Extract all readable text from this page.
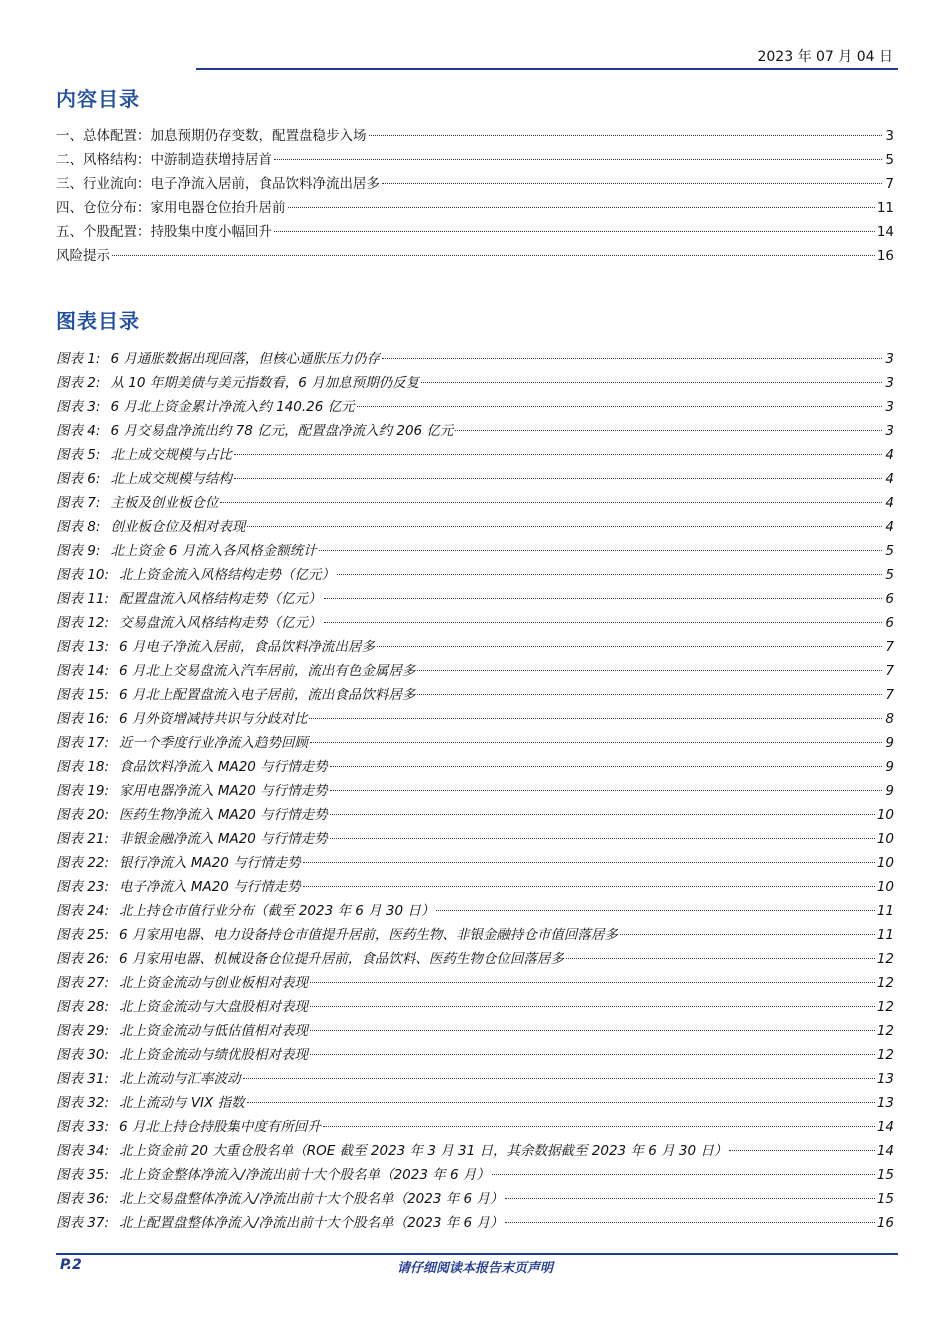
2023 年 07 月 04 日
内容目录
一、总体配置：加息预期仍存变数，配置盘稳步入场	3
二、风格结构：中游制造获增持居首	5
三、行业流向：电子净流入居前，食品饮料净流出居多	7
四、仓位分布：家用电器仓位抬升居前	11
五、个股配置：持股集中度小幅回升	14
风险提示	16
图表目录
图表 1: 6 月通胀数据出现回落，但核心通胀压力仍存	3
图表 2: 从 10 年期美债与美元指数看，6 月加息预期仍反复	3
图表 3: 6 月北上资金累计净流入约 140.26 亿元	3
图表 4: 6 月交易盘净流出约 78 亿元，配置盘净流入约 206 亿元	3
图表 5: 北上成交规模与占比	4
图表 6: 北上成交规模与结构	4
图表 7: 主板及创业板仓位	4
图表 8: 创业板仓位及相对表现	4
图表 9: 北上资金 6 月流入各风格金额统计	5
图表 10: 北上资金流入风格结构走势（亿元）	5
图表 11: 配置盘流入风格结构走势（亿元）	6
图表 12: 交易盘流入风格结构走势（亿元）	6
图表 13: 6 月电子净流入居前，食品饮料净流出居多	7
图表 14: 6 月北上交易盘流入汽车居前，流出有色金属居多	7
图表 15: 6 月北上配置盘流入电子居前，流出食品饮料居多	7
图表 16: 6 月外资增减持共识与分歧对比	8
图表 17: 近一个季度行业净流入趋势回顾	9
图表 18: 食品饮料净流入 MA20 与行情走势	9
图表 19: 家用电器净流入 MA20 与行情走势	9
图表 20: 医药生物净流入 MA20 与行情走势	10
图表 21: 非银金融净流入 MA20 与行情走势	10
图表 22: 银行净流入 MA20 与行情走势	10
图表 23: 电子净流入 MA20 与行情走势	10
图表 24: 北上持仓市值行业分布（截至 2023 年 6 月 30 日）	11
图表 25: 6 月家用电器、电力设备持仓市值提升居前，医药生物、非银金融持仓市值回落居多	11
图表 26: 6 月家用电器、机械设备仓位提升居前，食品饮料、医药生物仓位回落居多	12
图表 27: 北上资金流动与创业板相对表现	12
图表 28: 北上资金流动与大盘股相对表现	12
图表 29: 北上资金流动与低估值相对表现	12
图表 30: 北上资金流动与绩优股相对表现	12
图表 31: 北上流动与汇率波动	13
图表 32: 北上流动与 VIX 指数	13
图表 33: 6 月北上持仓持股集中度有所回升	14
图表 34: 北上资金前 20 大重仓股名单（ROE 截至 2023 年 3 月 31 日，其余数据截至 2023 年 6 月 30 日）	14
图表 35: 北上资金整体净流入/净流出前十大个股名单（2023 年 6 月）	15
图表 36: 北上交易盘整体净流入/净流出前十大个股名单（2023 年 6 月）	15
图表 37: 北上配置盘整体净流入/净流出前十大个股名单（2023 年 6 月）	16
P.2	请仔细阅读本报告末页声明
